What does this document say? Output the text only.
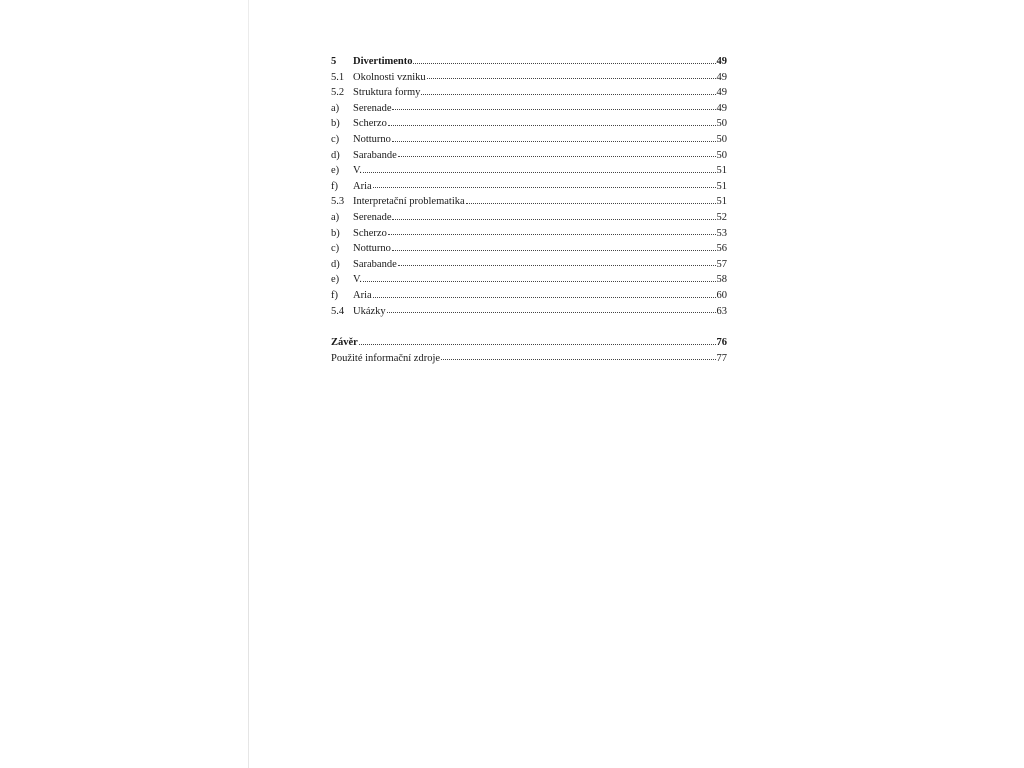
5	Divertimento	49
5.1 Okolnosti vzniku	49
5.2 Struktura formy	49
a)	Serenade	49
b)	Scherzo	50
c)	Notturno	50
d)	Sarabande	50
e)	V.	51
f)	Aria	51
5.3 Interpretační problematika	51
a)	Serenade	52
b)	Scherzo	53
c)	Notturno	56
d)	Sarabande	57
e)	V.	58
f)	Aria	60
5.4 Ukázky	63
Závěr	76
Použité informační zdroje	77
